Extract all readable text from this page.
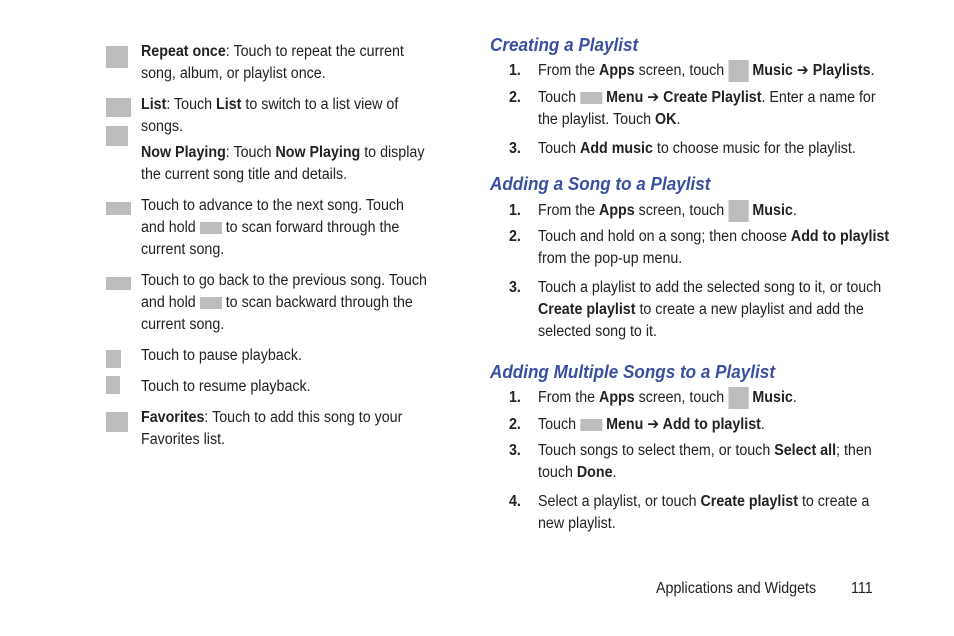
Repeat once: Touch to repeat the current
song, album, or playlist once.
List: Touch List to switch to a list view of
songs.
Now Playing: Touch Now Playing to display
the current song title and details.
Touch to advance to the next song. Touch
and hold  to scan forward through the
current song.
Touch to go back to the previous song. Touch
and hold  to scan backward through the
current song.
Touch to pause playback.
Touch to resume playback.
Favorites: Touch to add this song to your
Favorites list.
Creating a Playlist
1. From the Apps screen, touch  Music ➔ Playlists.
2. Touch  Menu ➔ Create Playlist. Enter a name for
the playlist. Touch OK.
3. Touch Add music to choose music for the playlist.
Adding a Song to a Playlist
1. From the Apps screen, touch  Music.
2. Touch and hold on a song; then choose Add to playlist
from the pop-up menu.
3. Touch a playlist to add the selected song to it, or touch
Create playlist to create a new playlist and add the
selected song to it.
Adding Multiple Songs to a Playlist
1. From the Apps screen, touch  Music.
2. Touch  Menu ➔ Add to playlist.
3. Touch songs to select them, or touch Select all; then
touch Done.
4. Select a playlist, or touch Create playlist to create a
new playlist.
Applications and Widgets 111
